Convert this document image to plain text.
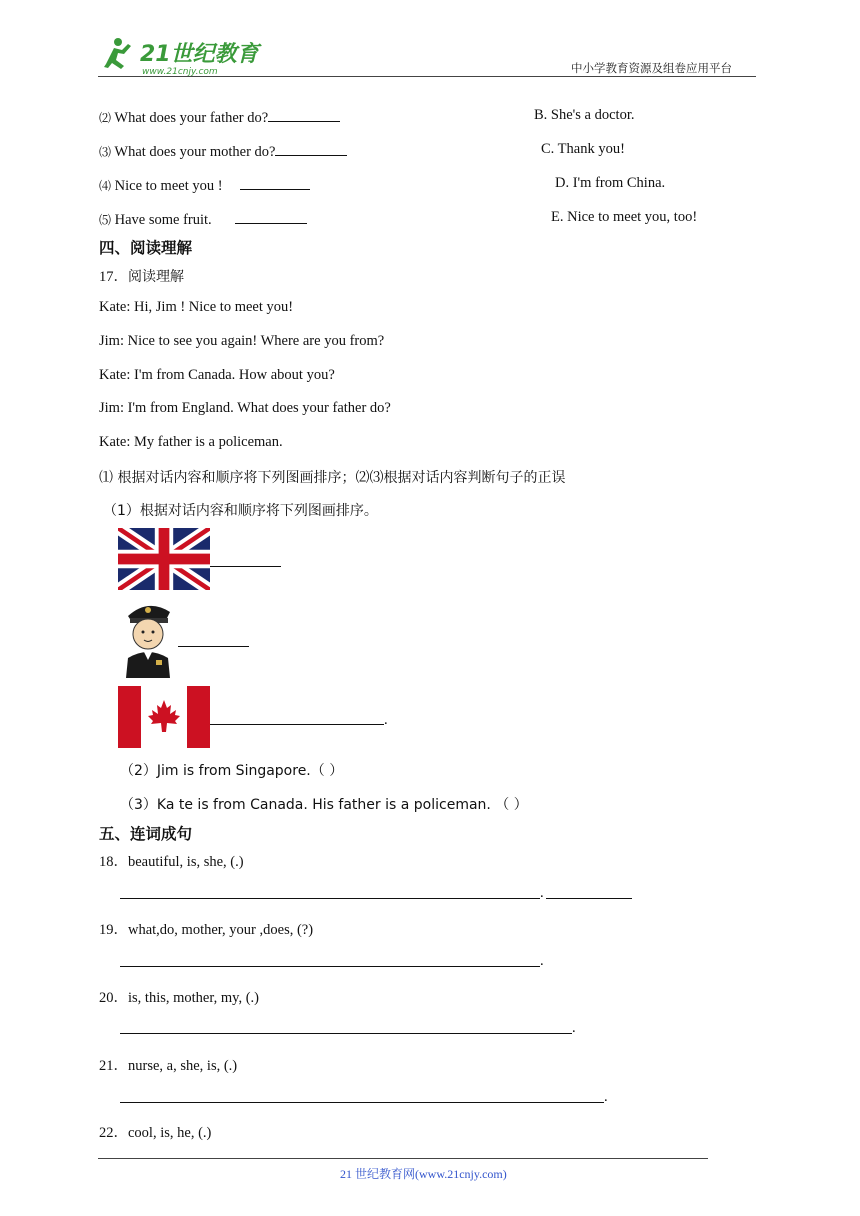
21世纪教育
www.21cnjy.com	中小学教育资源及组卷应用平台
⑵ What does your father do?	B. She's a doctor.
⑶ What does your mother do?	C. Thank you!
⑷ Nice to meet you !	D. I'm from China.
⑸ Have some fruit.	E. Nice to meet you, too!
四、阅读理解
17．阅读理解
Kate: Hi, Jim ! Nice to meet you!
Jim: Nice to see you again! Where are you from?
Kate: I'm from Canada. How about you?
Jim: I'm from England. What does your father do?
Kate: My father is a policeman.
⑴ 根据对话内容和顺序将下列图画排序；⑵⑶根据对话内容判断句子的正误
（1）根据对话内容和顺序将下列图画排序。
.
（2）Jim is from Singapore.（ ）
（3）Ka te is from Canada. His father is a policeman. （ ）
五、连词成句
18．beautiful, is, she, (.)
.
19．what,do, mother, your ,does, (?)
.
20．is, this, mother, my, (.)
.
21．nurse, a, she, is, (.)
.
22．cool, is, he, (.)
21 世纪教育网(www.21cnjy.com)
